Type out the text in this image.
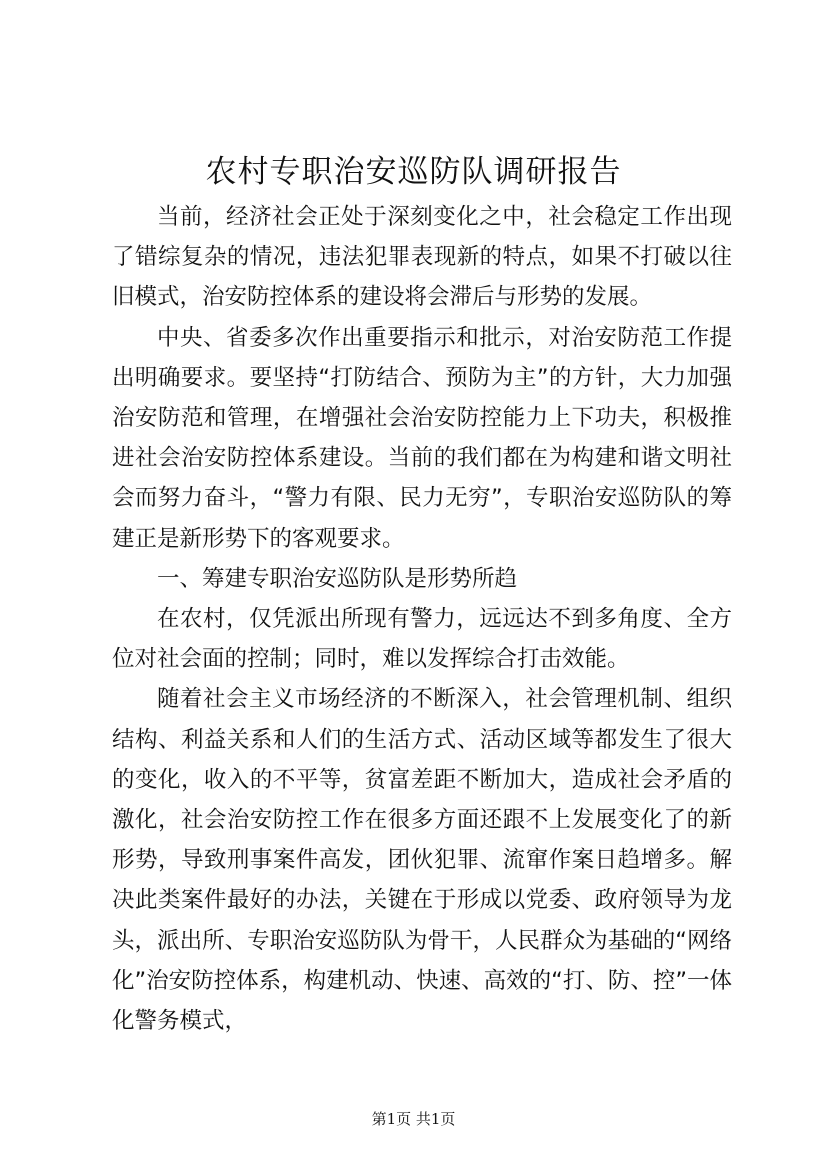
农村专职治安巡防队调研报告

当前，经济社会正处于深刻变化之中，社会稳定工作出现了错综复杂的情况，违法犯罪表现新的特点，如果不打破以往旧模式，治安防控体系的建设将会滞后与形势的发展。

中央、省委多次作出重要指示和批示，对治安防范工作提出明确要求。要坚持“打防结合、预防为主”的方针，大力加强治安防范和管理，在增强社会治安防控能力上下功夫，积极推进社会治安防控体系建设。当前的我们都在为构建和谐文明社会而努力奋斗，“警力有限、民力无穷”，专职治安巡防队的筹建正是新形势下的客观要求。

一、筹建专职治安巡防队是形势所趋

在农村，仅凭派出所现有警力，远远达不到多角度、全方位对社会面的控制；同时，难以发挥综合打击效能。

随着社会主义市场经济的不断深入，社会管理机制、组织结构、利益关系和人们的生活方式、活动区域等都发生了很大的变化，收入的不平等，贫富差距不断加大，造成社会矛盾的激化，社会治安防控工作在很多方面还跟不上发展变化了的新形势，导致刑事案件高发，团伙犯罪、流窜作案日趋增多。解决此类案件最好的办法，关键在于形成以党委、政府领导为龙头，派出所、专职治安巡防队为骨干，人民群众为基础的“网络化”治安防控体系，构建机动、快速、高效的“打、防、控”一体化警务模式，

第1页 共1页
